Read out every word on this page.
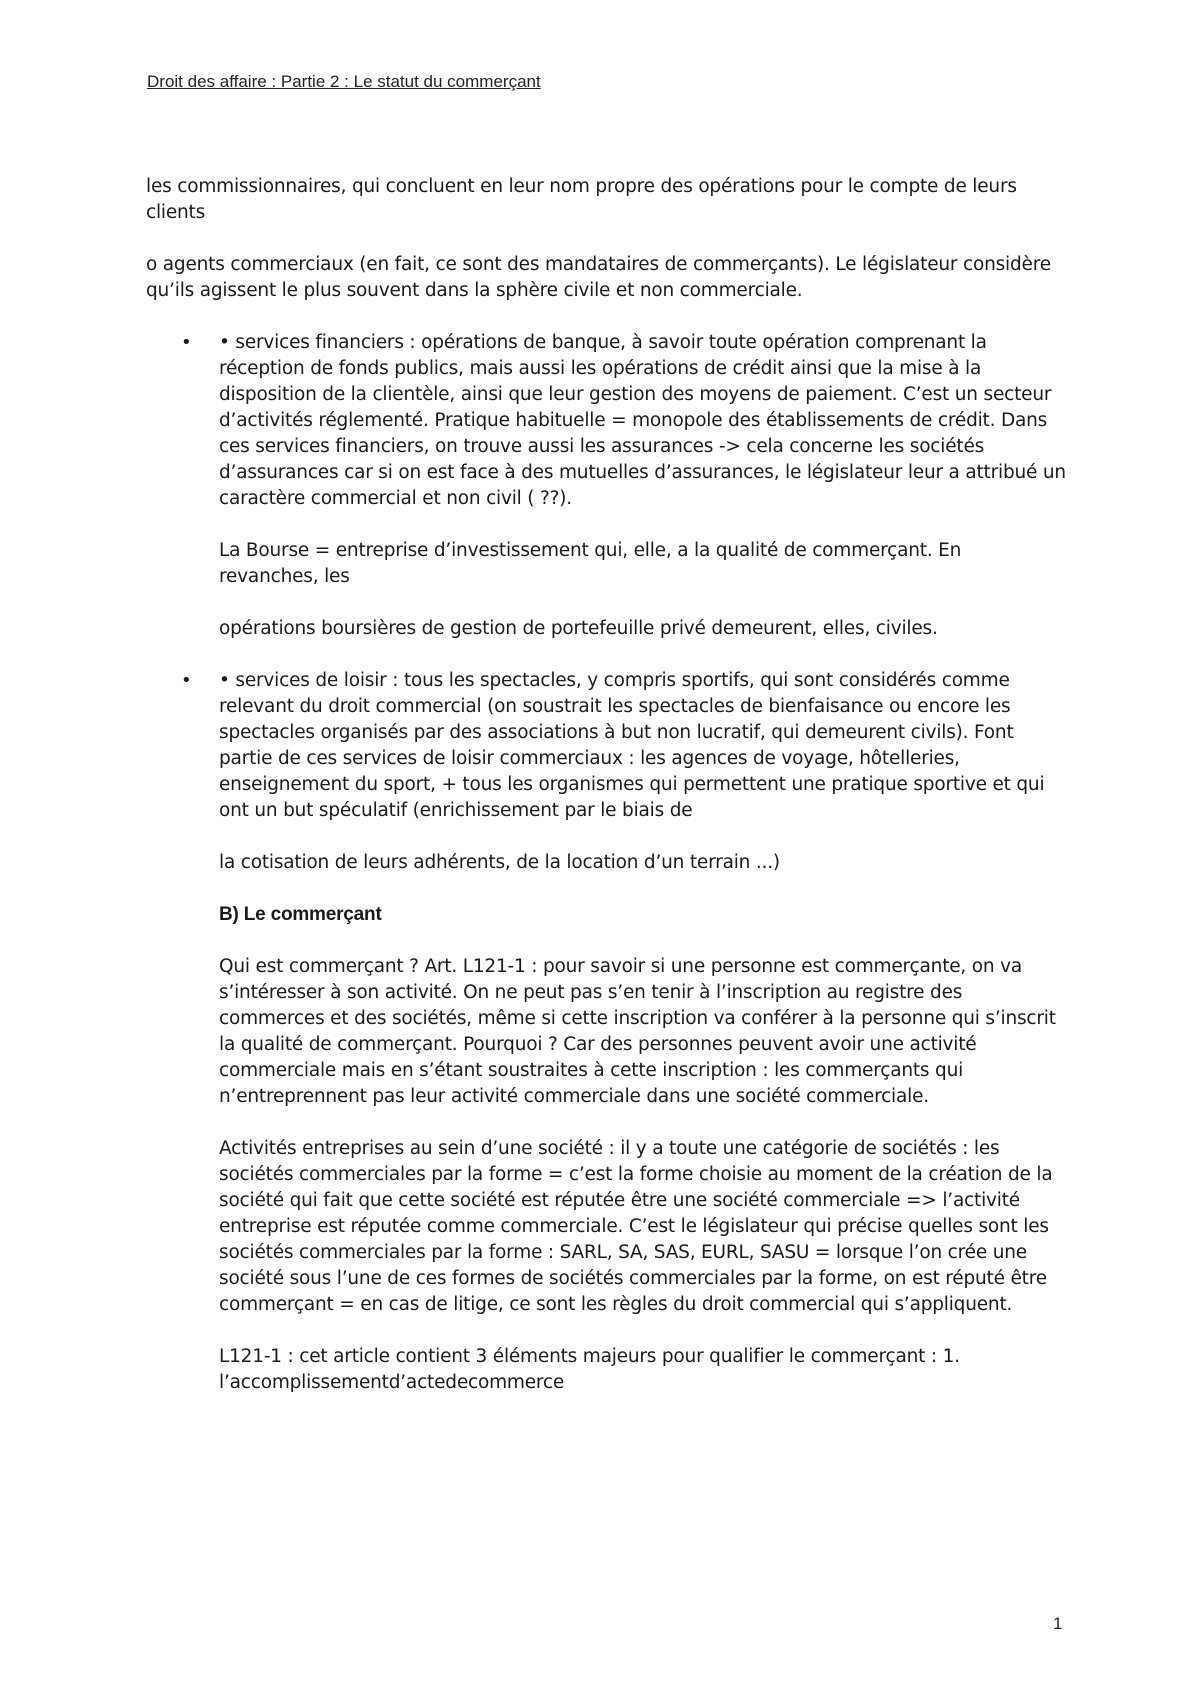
Droit des affaire : Partie 2 : Le statut du commerçant

les commissionnaires, qui concluent en leur nom propre des opérations pour le compte de leurs clients

o agents commerciaux (en fait, ce sont des mandataires de commerçants). Le législateur considère qu’ils agissent le plus souvent dans la sphère civile et non commerciale.

• • services financiers : opérations de banque, à savoir toute opération comprenant la réception de fonds publics, mais aussi les opérations de crédit ainsi que la mise à la disposition de la clientèle, ainsi que leur gestion des moyens de paiement. C’est un secteur d’activités réglementé. Pratique habituelle = monopole des établissements de crédit. Dans ces services financiers, on trouve aussi les assurances -> cela concerne les sociétés d’assurances car si on est face à des mutuelles d’assurances, le législateur leur a attribué un caractère commercial et non civil ( ??).

La Bourse = entreprise d’investissement qui, elle, a la qualité de commerçant. En revanches, les

opérations boursières de gestion de portefeuille privé demeurent, elles, civiles.

• • services de loisir : tous les spectacles, y compris sportifs, qui sont considérés comme relevant du droit commercial (on soustrait les spectacles de bienfaisance ou encore les spectacles organisés par des associations à but non lucratif, qui demeurent civils). Font partie de ces services de loisir commerciaux : les agences de voyage, hôtelleries, enseignement du sport, + tous les organismes qui permettent une pratique sportive et qui ont un but spéculatif (enrichissement par le biais de

la cotisation de leurs adhérents, de la location d’un terrain ...)

B) Le commerçant

Qui est commerçant ? Art. L121-1 : pour savoir si une personne est commerçante, on va s’intéresser à son activité. On ne peut pas s’en tenir à l’inscription au registre des commerces et des sociétés, même si cette inscription va conférer à la personne qui s’inscrit la qualité de commerçant. Pourquoi ? Car des personnes peuvent avoir une activité commerciale mais en s’étant soustraites à cette inscription : les commerçants qui n’entreprennent pas leur activité commerciale dans une société commerciale.

Activités entreprises au sein d’une société : il y a toute une catégorie de sociétés : les sociétés commerciales par la forme = c’est la forme choisie au moment de la création de la société qui fait que cette société est réputée être une société commerciale => l’activité entreprise est réputée comme commerciale. C’est le législateur qui précise quelles sont les sociétés commerciales par la forme : SARL, SA, SAS, EURL, SASU = lorsque l’on crée une société sous l’une de ces formes de sociétés commerciales par la forme, on est réputé être commerçant = en cas de litige, ce sont les règles du droit commercial qui s’appliquent.

L121-1 : cet article contient 3 éléments majeurs pour qualifier le commerçant : 1. l’accomplissementd’actedecommerce

1
